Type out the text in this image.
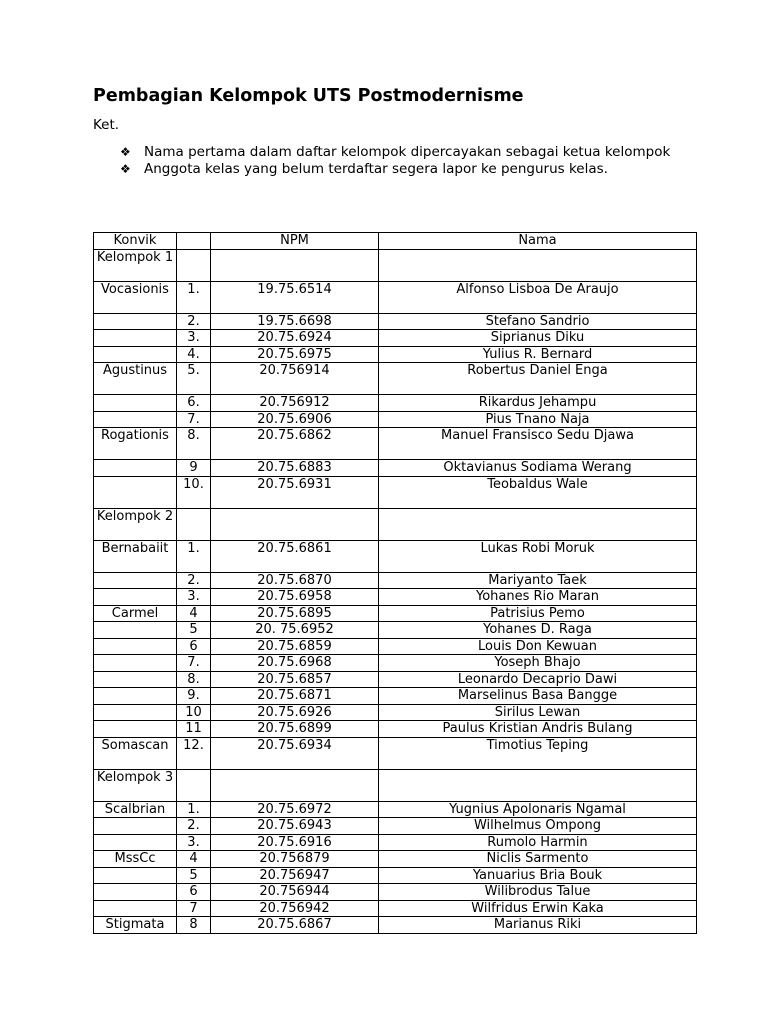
Pembagian Kelompok UTS Postmodernisme
Ket.
❖ Nama pertama dalam daftar kelompok dipercayakan sebagai ketua kelompok
❖ Anggota kelas yang belum terdaftar segera lapor ke pengurus kelas.
Konvik		NPM	Nama
Kelompok 1			
Vocasionis	1.	19.75.6514	Alfonso Lisboa De Araujo
	2.	19.75.6698	Stefano Sandrio
	3.	20.75.6924	Siprianus Diku
	4.	20.75.6975	Yulius R. Bernard
Agustinus	5.	20.756914	Robertus Daniel Enga
	6.	20.756912	Rikardus Jehampu
	7.	20.75.6906	Pius Tnano Naja
Rogationis	8.	20.75.6862	Manuel Fransisco Sedu Djawa
	9	20.75.6883	Oktavianus Sodiama Werang
	10.	20.75.6931	Teobaldus Wale
Kelompok 2			
Bernabaiit	1.	20.75.6861	Lukas Robi Moruk
	2.	20.75.6870	Mariyanto Taek
	3.	20.75.6958	Yohanes Rio Maran
Carmel	4	20.75.6895	Patrisius Pemo
	5	20. 75.6952	Yohanes D. Raga
	6	20.75.6859	Louis Don Kewuan
	7.	20.75.6968	Yoseph Bhajo
	8.	20.75.6857	Leonardo Decaprio Dawi
	9.	20.75.6871	Marselinus Basa Bangge
	10	20.75.6926	Sirilus Lewan
	11	20.75.6899	Paulus Kristian Andris Bulang
Somascan	12.	20.75.6934	Timotius Teping
Kelompok 3			
Scalbrian	1.	20.75.6972	Yugnius Apolonaris Ngamal
	2.	20.75.6943	Wilhelmus Ompong
	3.	20.75.6916	Rumolo Harmin
MssCc	4	20.756879	Niclis Sarmento
	5	20.756947	Yanuarius Bria Bouk
	6	20.756944	Wilibrodus Talue
	7	20.756942	Wilfridus Erwin Kaka
Stigmata	8	20.75.6867	Marianus Riki
